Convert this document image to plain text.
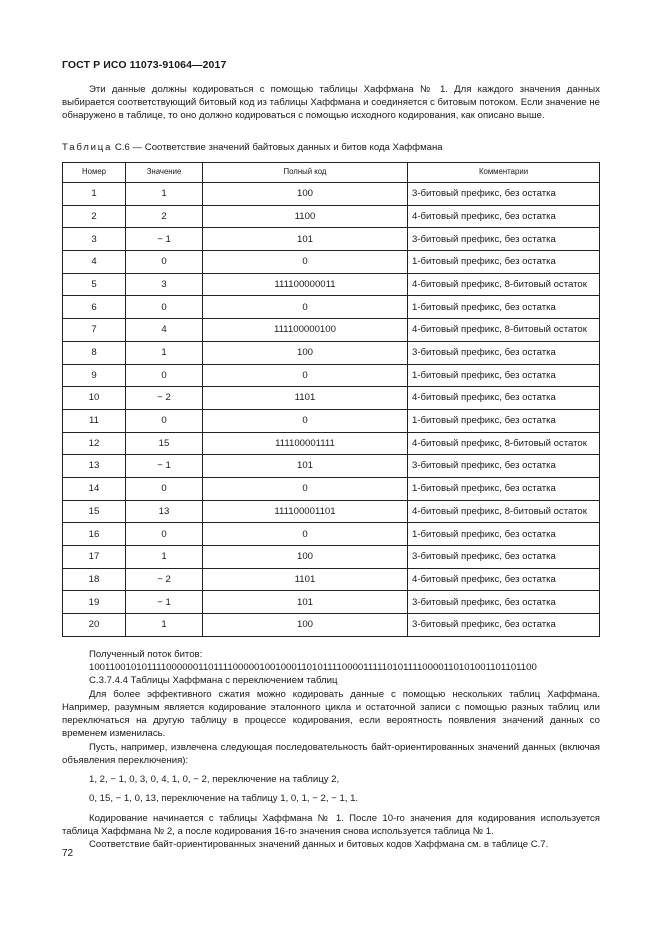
ГОСТ Р ИСО 11073-91064—2017

Эти данные должны кодироваться с помощью таблицы Хаффмана № 1. Для каждого значения данных выбирается соответствующий битовый код из таблицы Хаффмана и соединяется с битовым потоком. Если значение не обнаружено в таблице, то оно должно кодироваться с помощью исходного кодирования, как описано выше.

Таблица С.6 — Соответствие значений байтовых данных и битов кода Хаффмана
Номер	Значение	Полный код	Комментарии
1	1	100	3-битовый префикс, без остатка
2	2	1100	4-битовый префикс, без остатка
3	− 1	101	3-битовый префикс, без остатка
4	0	0	1-битовый префикс, без остатка
5	3	111100000011	4-битовый префикс, 8-битовый остаток
6	0	0	1-битовый префикс, без остатка
7	4	111100000100	4-битовый префикс, 8-битовый остаток
8	1	100	3-битовый префикс, без остатка
9	0	0	1-битовый префикс, без остатка
10	− 2	1101	4-битовый префикс, без остатка
11	0	0	1-битовый префикс, без остатка
12	15	111100001111	4-битовый префикс, 8-битовый остаток
13	− 1	101	3-битовый префикс, без остатка
14	0	0	1-битовый префикс, без остатка
15	13	111100001101	4-битовый префикс, 8-битовый остаток
16	0	0	1-битовый префикс, без остатка
17	1	100	3-битовый префикс, без остатка
18	− 2	1101	4-битовый префикс, без остатка
19	− 1	101	3-битовый префикс, без остатка
20	1	100	3-битовый префикс, без остатка

Полученный поток битов:

100110010101111000000110111100000100100011010111100001111101011110000110101001101101100

С.3.7.4.4 Таблицы Хаффмана с переключением таблиц

Для более эффективного сжатия можно кодировать данные с помощью нескольких таблиц Хаффмана. Например, разумным является кодирование эталонного цикла и остаточной записи с помощью разных таблиц или переключаться на другую таблицу в процессе кодирования, если вероятность появления значений данных со временем изменилась.

Пусть, например, извлечена следующая последовательность байт-ориентированных значений данных (включая объявления переключения):

1, 2, − 1, 0, 3, 0, 4, 1, 0, − 2, переключение на таблицу 2,

0, 15, − 1, 0, 13, переключение на таблицу 1, 0, 1, − 2, − 1, 1.

Кодирование начинается с таблицы Хаффмана № 1. После 10-го значения для кодирования используется таблица Хаффмана № 2, а после кодирования 16-го значения снова используется таблица № 1.

Соответствие байт-ориентированных значений данных и битовых кодов Хаффмана см. в таблице С.7.

72
